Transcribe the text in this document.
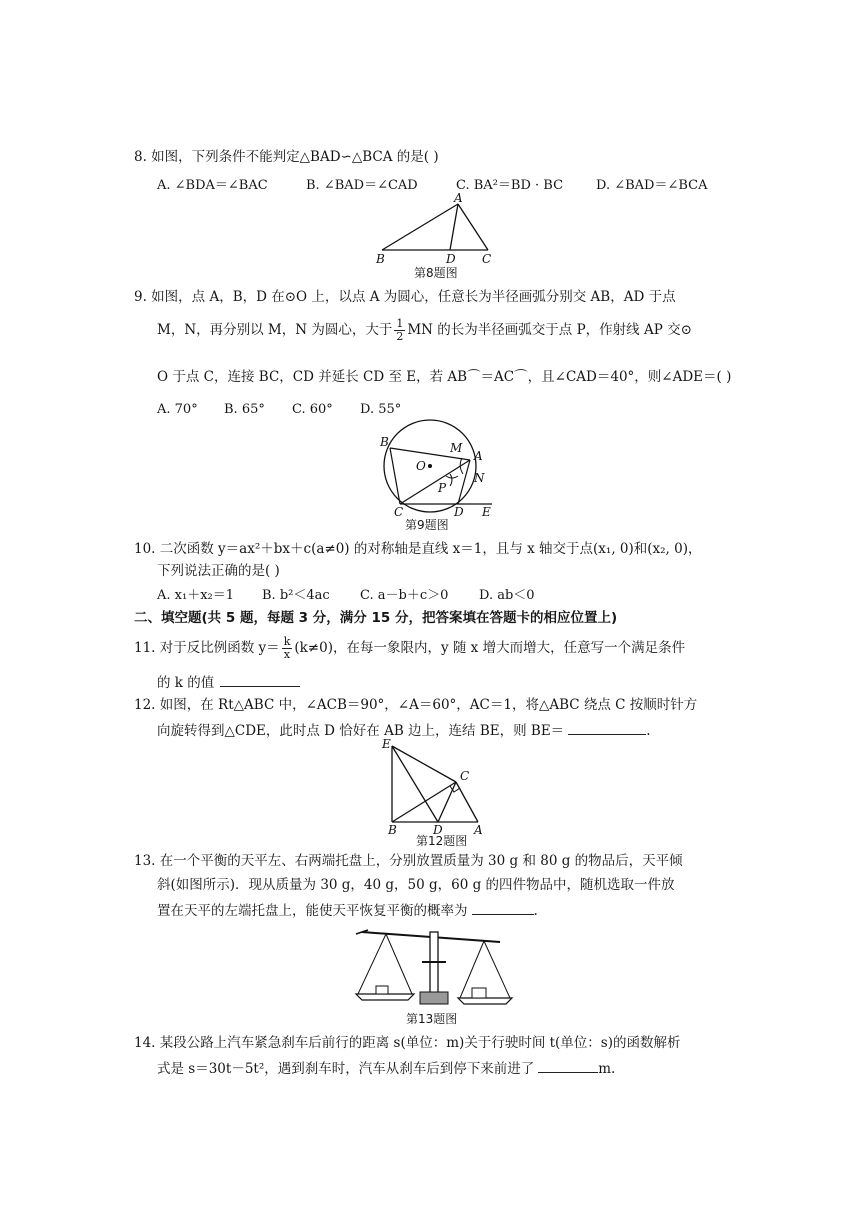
8. 如图，下列条件不能判定△BAD∽△BCA 的是( )
A. ∠BDA＝∠BAC	B. ∠BAD＝∠CAD	C. BA²＝BD · BC	D. ∠BAD＝∠BCA
A
B	D C
第8题图
9. 如图，点 A，B，D 在⊙O 上，以点 A 为圆心，任意长为半径画弧分别交 AB，AD 于点
M，N，再分别以 M，N 为圆心，大于 $\frac{1}{2}$ MN 的长为半径画弧交于点 P，作射线 AP 交⊙
O 于点 C，连接 BC，CD 并延长 CD 至 E，若 AB⌒＝AC⌒，且∠CAD＝40°，则∠ADE＝( )
A. 70° B. 65° C. 60° D. 55°
B	M
A
O
N
P
C	D E
第9题图
10. 二次函数 y＝ax²＋bx＋c(a≠0) 的对称轴是直线 x＝1，且与 x 轴交于点(x₁, 0)和(x₂, 0)，
下列说法正确的是( )
A. x₁＋x₂＝1 B. b²＜4ac C. a－b＋c＞0 D. ab＜0
二、填空题(共 5 题，每题 3 分，满分 15 分，把答案填在答题卡的相应位置上)
11. 对于反比例函数 $y= \frac{k}{x} (k\ne 0)$，在每一象限内，y 随 x 增大而增大，任意写一个满足条件
的 k 的值
12. 如图，在 Rt△ABC 中，∠ACB＝90°，∠A＝60°，AC＝1，将△ABC 绕点 C 按顺时针方
向旋转得到△CDE，此时点 D 恰好在 AB 边上，连结 BE，则 BE＝	.
E
C
B	D	A
第12题图
13. 在一个平衡的天平左、右两端托盘上，分别放置质量为 30 g 和 80 g 的物品后，天平倾
斜(如图所示)．现从质量为 30 g，40 g，50 g，60 g 的四件物品中，随机选取一件放
置在天平的左端托盘上，能使天平恢复平衡的概率为	.
第13题图
14. 某段公路上汽车紧急刹车后前行的距离 s(单位：m)关于行驶时间 t(单位：s)的函数解析
式是 s＝30t－5t²，遇到刹车时，汽车从刹车后到停下来前进了	m.
